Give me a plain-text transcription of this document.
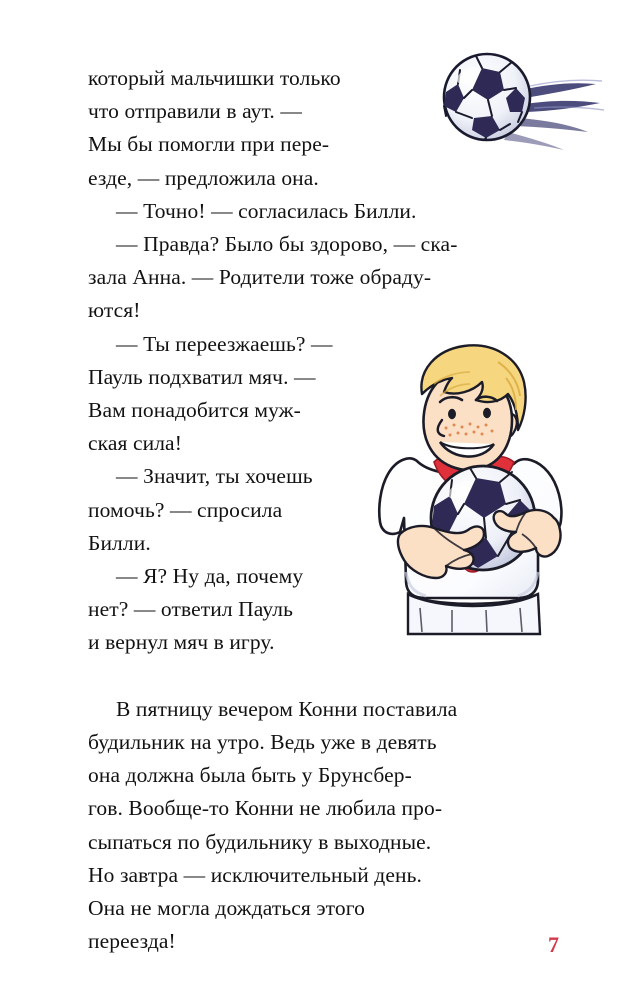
который мальчишки только
что отправили в аут. —
Мы бы помогли при пере-
езде, — предложила она.
— Точно! — согласилась Билли.
— Правда? Было бы здорово, — ска-
зала Анна. — Родители тоже обраду-
ются!
— Ты переезжаешь? —
Пауль подхватил мяч. —
Вам понадобится муж-
ская сила!
— Значит, ты хочешь
помочь? — спросила
Билли.
— Я? Ну да, почему
нет? — ответил Пауль
и вернул мяч в игру.
В пятницу вечером Конни поставила
будильник на утро. Ведь уже в девять
она должна была быть у Брунсбер-
гов. Вообще-то Конни не любила про-
сыпаться по будильнику в выходные.
Но завтра — исключительный день.
Она не могла дождаться этого
переезда!	7
